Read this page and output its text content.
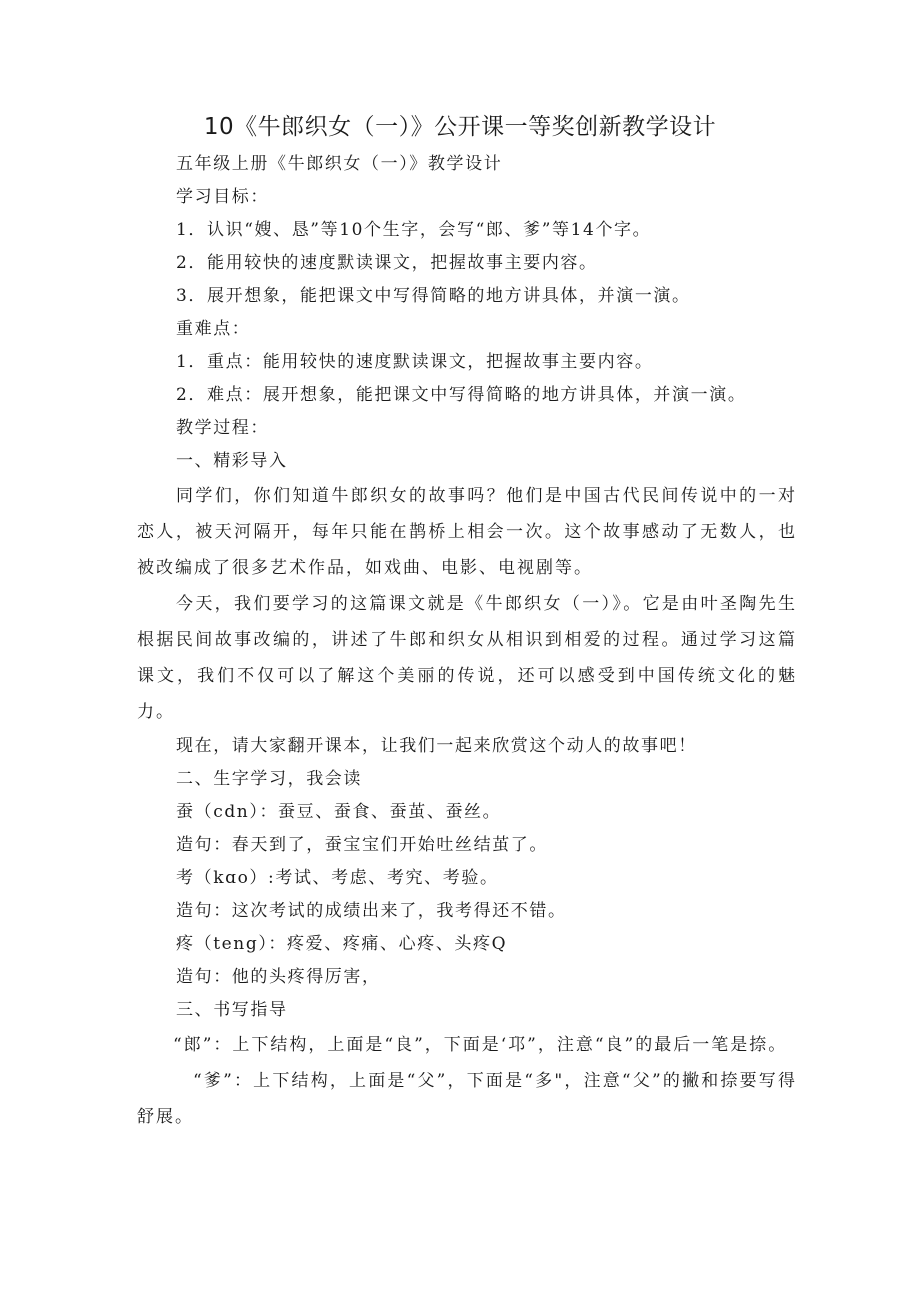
10《牛郎织女（一）》公开课一等奖创新教学设计
五年级上册《牛郎织女（一）》教学设计
学习目标：
1．认识“嫂、恳”等10个生字，会写“郎、爹”等14个字。
2．能用较快的速度默读课文，把握故事主要内容。
3．展开想象，能把课文中写得简略的地方讲具体，并演一演。
重难点：
1．重点：能用较快的速度默读课文，把握故事主要内容。
2．难点：展开想象，能把课文中写得简略的地方讲具体，并演一演。
教学过程：
一、精彩导入
同学们，你们知道牛郎织女的故事吗？他们是中国古代民间传说中的一对恋人，被天河隔开，每年只能在鹊桥上相会一次。这个故事感动了无数人，也被改编成了很多艺术作品，如戏曲、电影、电视剧等。
今天，我们要学习的这篇课文就是《牛郎织女（一）》。它是由叶圣陶先生根据民间故事改编的，讲述了牛郎和织女从相识到相爱的过程。通过学习这篇课文，我们不仅可以了解这个美丽的传说，还可以感受到中国传统文化的魅力。
现在，请大家翻开课本，让我们一起来欣赏这个动人的故事吧！
二、生字学习，我会读
蚕（cdn）：蚕豆、蚕食、蚕茧、蚕丝。
造句：春天到了，蚕宝宝们开始吐丝结茧了。
考（kɑo）:考试、考虑、考究、考验。
造句：这次考试的成绩出来了，我考得还不错。
疼（teng）：疼爱、疼痛、心疼、头疼Q
造句：他的头疼得厉害，
三、书写指导
“郎”：上下结构，上面是“良”，下面是‘邛”，注意“良”的最后一笔是捺。
“爹”：上下结构，上面是“父”，下面是“多"，注意“父”的撇和捺要写得舒展。
